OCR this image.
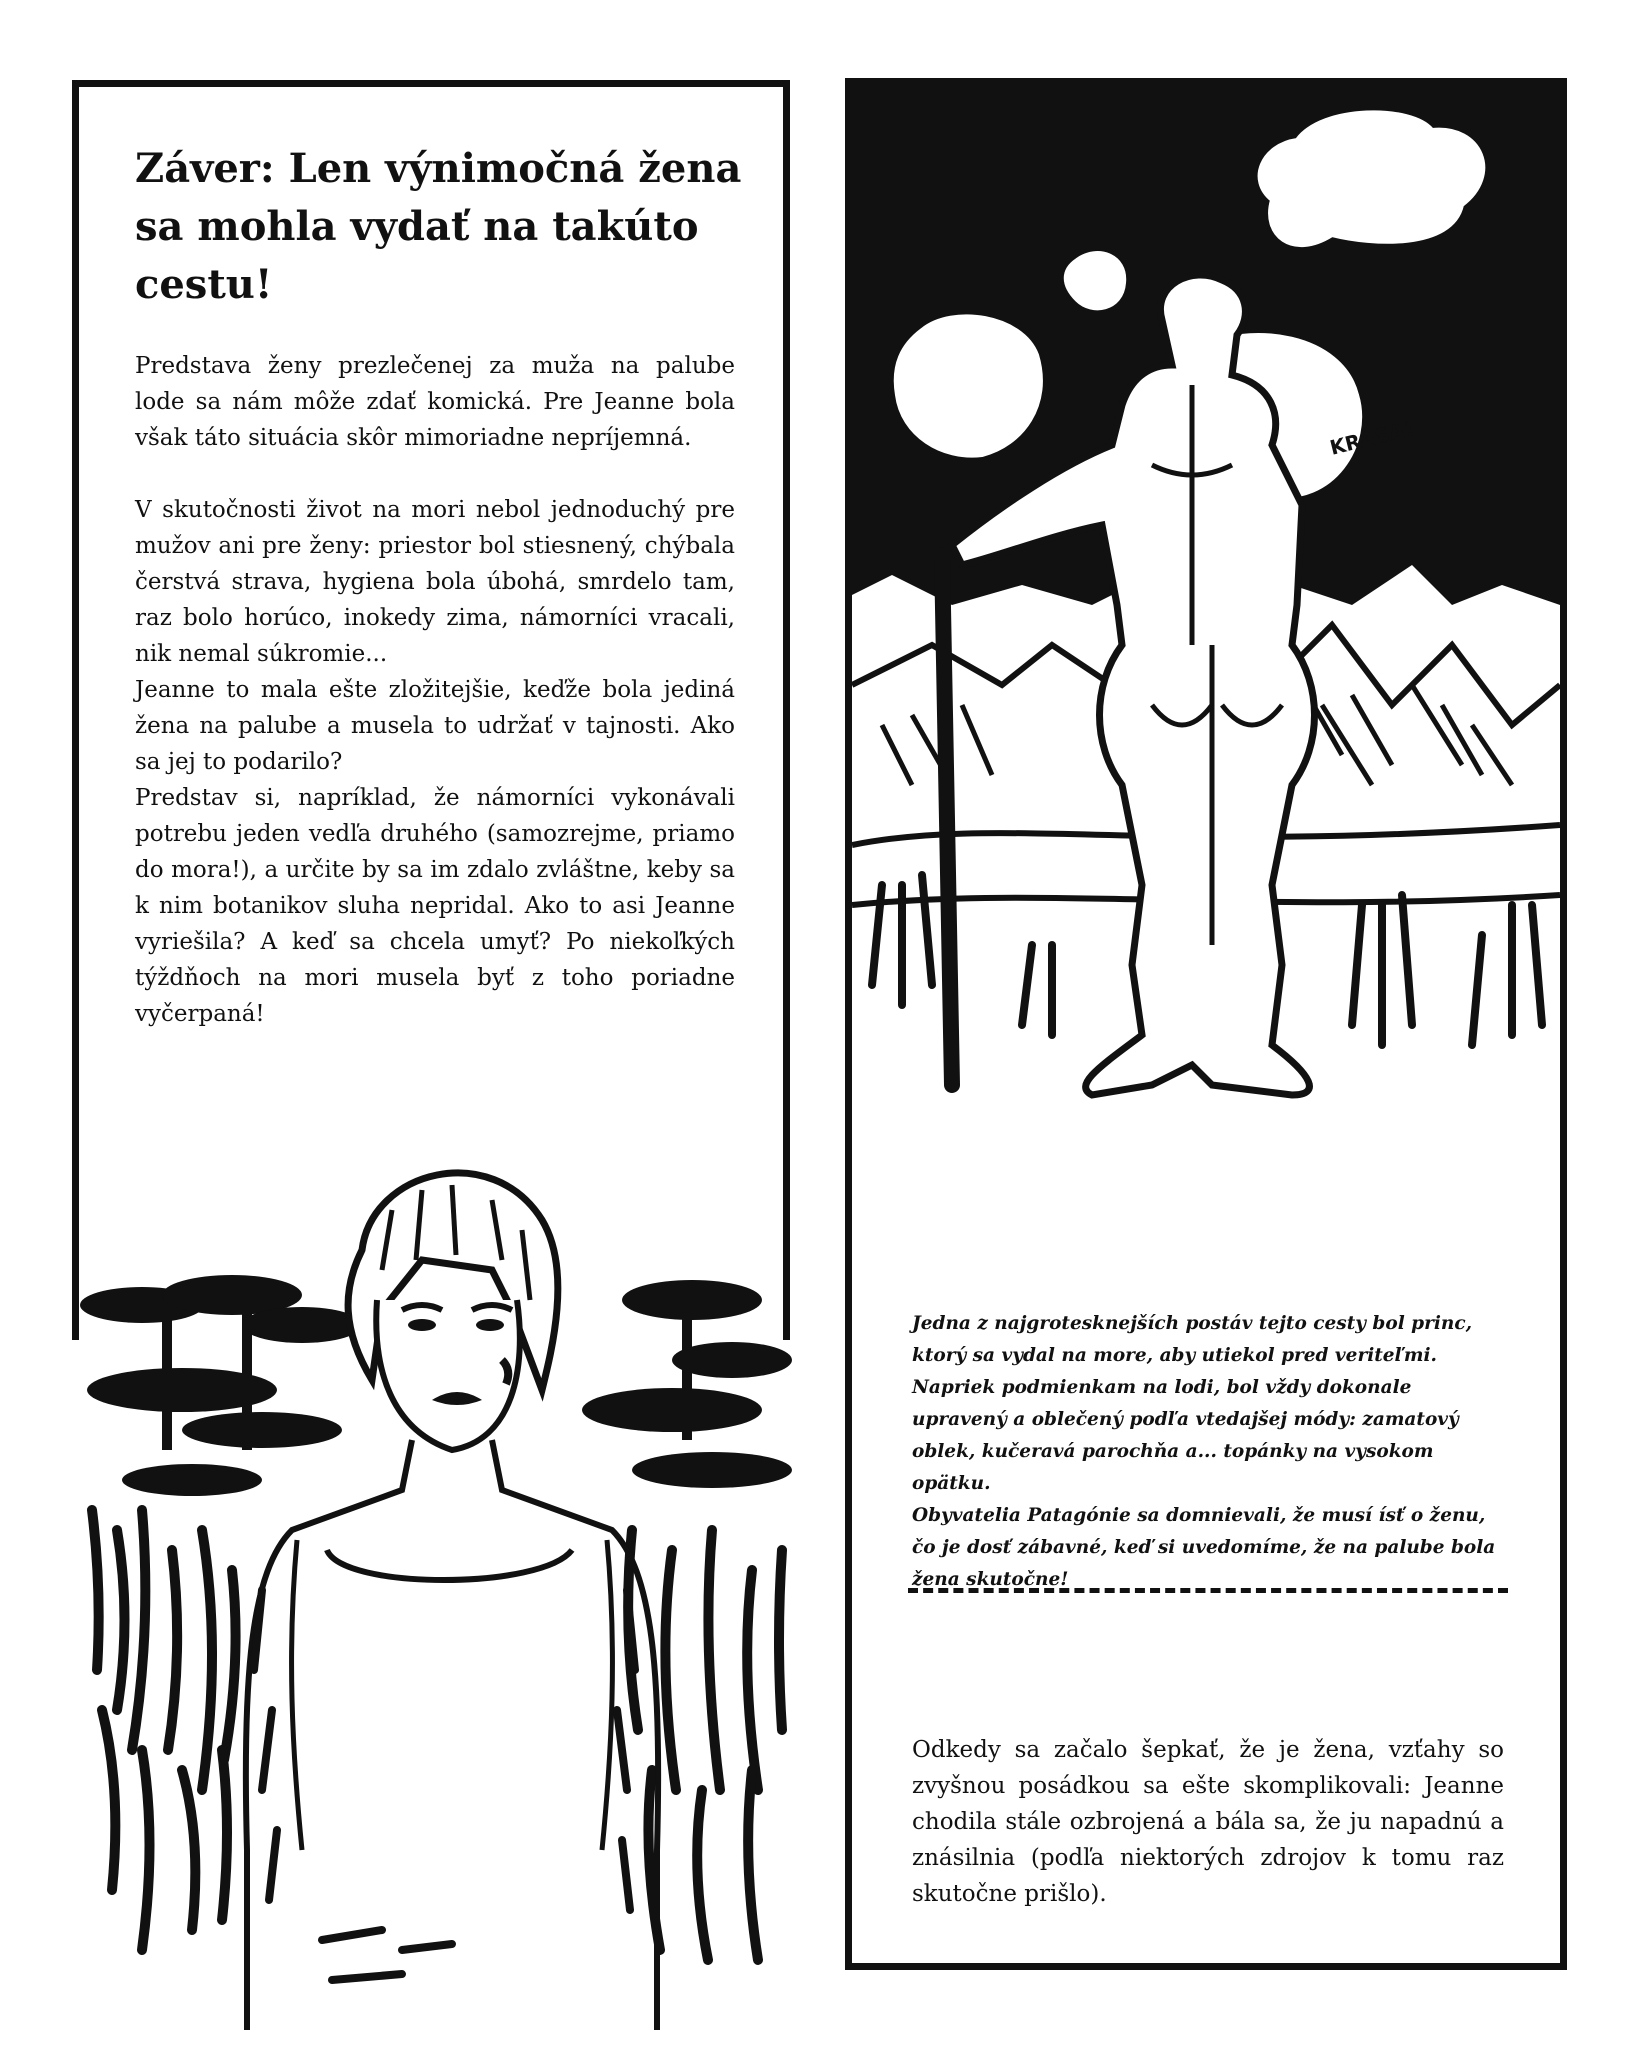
Záver: Len výnimočná žena sa mohla vydať na takúto cestu!

Predstava ženy prezlečenej za muža na palube lode sa nám môže zdať komická. Pre Jeanne bola však táto situácia skôr mimoriadne nepríjemná.

V skutočnosti život na mori nebol jednoduchý pre mužov ani pre ženy: priestor bol stiesnený, chýbala čerstvá strava, hygiena bola úbohá, smrdelo tam, raz bolo horúco, inokedy zima, námorníci vracali, nik nemal súkromie...

Jeanne to mala ešte zložitejšie, keďže bola jediná žena na palube a musela to udržať v tajnosti. Ako sa jej to podarilo?

Predstav si, napríklad, že námorníci vykonávali potrebu jeden vedľa druhého (samozrejme, priamo do mora!), a určite by sa im zdalo zvláštne, keby sa k nim botanikov sluha nepridal. Ako to asi Jeanne vyriešila? A keď sa chcela umyť? Po niekoľkých týždňoch na mori musela byť z toho poriadne vyčerpaná!

KRÁSA!

Jedna z najgrotesknejších postáv tejto cesty bol princ, ktorý sa vydal na more, aby utiekol pred veriteľmi. Napriek podmienkam na lodi, bol vždy dokonale upravený a oblečený podľa vtedajšej módy: zamatový oblek, kučeravá parochňa a... topánky na vysokom opätku.

Obyvatelia Patagónie sa domnievali, že musí ísť o ženu, čo je dosť zábavné, keď si uvedomíme, že na palube bola žena skutočne!

Odkedy sa začalo šepkať, že je žena, vzťahy so zvyšnou posádkou sa ešte skomplikovali: Jeanne chodila stále ozbrojená a bála sa, že ju napadnú a znásilnia (podľa niektorých zdrojov k tomu raz skutočne prišlo).
